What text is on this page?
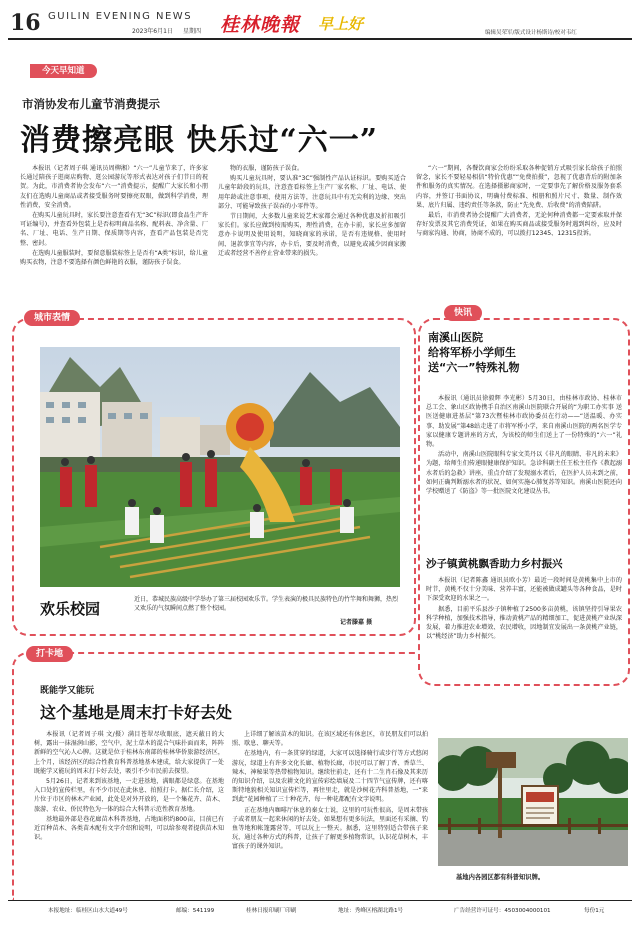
16 GUILIN EVENING NEWS
2023年6月1日 星期四 桂林晚報 早上好	编辑吴荣军/版式设计杨斯诗/校对韦红
今天早知道
市消协发布儿童节消费提示
消费擦亮眼 快乐过“六一”

本报讯（记者周子琪 通讯员周柳湘）“六一”儿童节来了，许多家长通过陪孩子逛商店购物、逛公园游玩等形式表达对孩子们节日的祝贺。为此，市消费者协会发布“六一”消费提示，提醒广大家长和小朋友们在选购儿童商品或者接受服务时要擦亮双眼，做到科学消费，理性消费，安全消费。

在购买儿童玩具时，家长要注意查看有无“3C”标识(即食品生产许可证编号)，并查看外包装上是否标明商品名称、配料表、净含量、厂名、厂址、电话、生产日期、保质期等内容，查看产品包装是否完整、密封。

在选购儿童服装时，要留意服装标签上是否有“A类”标识，给儿童购买衣物，注意不要选择有颜色鲜艳的衣服，谨防孩子误食。

物的衣服，谨防孩子误食。

购买儿童玩具时，要认准“3C”强制性产品认证标识。要购买适合儿童年龄段的玩具，注意查看标签上生产厂家名称、厂址、电话、使用年龄或注意事项、使用方法等，注意玩具中有无尖利的边缘、突出部分、可能导致孩子误吞的小零件等。

节日期间，大多数儿童来说艺术家都会通过各种优惠及折扣吸引家长们。家长应做到按需购买，理性消费，在办卡前，家长应多加留意办卡说明及使用说明，知晓商家的承诺，是否有违规格、使用时间、退款事宜等内容，办卡后，要及时消费，以避免或减少因商家搬迁或者经营不善停止营业带来的损失。

“六一”期间，各餐饮商家会纷纷采取各种促销方式吸引家长给孩子拍照留念，家长不要轻易相信“特价优惠”“免费拍摄”，忽视了优惠背后的附加条件和服务的真实情况。在选择摄影商家时，一定要事先了解价格及服务套系内容，并签订书面协议，明确付费标准、相册和照片尺寸、数量、制作效果、底片归属、违约责任等条款，防止“先免费、后收费”的消费陷阱。

最后，市消费者协会提醒广大消费者，无论何种消费都一定要索取并保存好发票及其它消费凭证，如果在购买商品或接受服务时遇到纠纷，应及时与商家沟通、协商，协商不成的，可以拨打12345、12315投诉。

城市表情
欢乐校园
近日，恭城民族高级中学举办了第三届校园欢乐节。学生表演的极具民族特色的竹竿舞和舞狮，热烈又欢乐的气氛瞬间点燃了整个校园。
记者滕嘉 摄
快讯
南溪山医院
给将军桥小学师生
送“六一”特殊礼物

本报讯（通讯员徐毅辉 李光彬）5月30日，由桂林市政协、桂林市总工会、象山区政协携手自治区南溪山医院联合开展的“为职工办实事 送医送健康进基层”第73次暨桂林市政协委员在行动——“送温暖、办实事、助发展”第48站走进了市将军桥小学，来自南溪山医院的两名医学专家以健康专题讲座的方式，为该校的师生们送上了一份特殊的“六一”礼物。

活动中，南溪山医院眼科专家文美丹以《非凡的眼睛、非凡的未来》为题，给师生们传递眼健康保护知识。急诊科副主任王松主任作《教起溺水者后的急救》讲座，重点介绍了发现溺水者后，在医护人员未到之前，如何正确判断溺水者的状况、如何实施心肺复苏等知识。南溪山医院还向学校赠送了《防盗》等一批医院文化建设丛书。

沙子镇黄桃飘香助力乡村振兴

本报讯（记者陈鑫 通讯员欧小芳）最近一段时间是黄桃集中上市的时节，黄桃不仅十分美味、营养丰富，还能被做成罐头等各种食品，是时下深受欢迎的水果之一。

据悉，目前平乐县沙子镇种植了2500多亩黄桃，该镇坚持引导果农科学种植，加强技术指导，推动黄桃产品的精细加工，促进黄桃产业纵深发展，着力推进农业增效、农民增收，因地制宜发展出一条黄桃产业链，以“桃经济”助力乡村振兴。

打卡地
既能学又能玩
这个基地是周末打卡好去处

本报讯（记者周子琪 文/摄）满目苍翠尽收眼底，遮天蔽日的大树，露出一抹湿润山影，空气中，泥土草木的混合气味扑面而来，阵阵新鲜的空气沁人心脾。这就是位于桂林东南部的桂林华侨旅游经济区，上个月，该经济区的综合性教育科普基地基本建成，给大家提供了一处既能学又能玩的周末打卡好去处，吸引不少市民前去探望。

5月26日，记者来到该基地，一走进基地，满眼都是绿意。在基地入口处的宣传栏里，有不少市民在此休息、拍照打卡。据仁长介绍，这片位于市区的林木产业园，此处是对外开放的，是一个集花卉、苗木、旅游、农业、侨民特色为一体的综合大科普示范性教育基地。

基地最外部是巷花廊苗木科普基地，占地面积约800亩，目前已有近百种苗木、各类苗木配有文字介绍和说明，可以给参观者提供苗木知识。

上详细了解该苗木的知识。在该区域还有休息区，市民朋友们可以拍照、歇息、聊天等。

在基地内，有一条贯穿的绿道，大家可以选择骑行或步行等方式悠闲游玩，绿道上有许多文化长廊、植物长廊，市民可以了解丁香、香草兰、辣木、神秘果等热带植物知识。继续往前走，还有十二生肖石像及其来历的知识介绍，以及农耕文化的宣传彩绘墙展及二十四节气宣传牌，还有喀斯特地貌相关知识宣传栏等，再往里走，就是沙树花卉科普基地，一“来到此”花园种植了三十种花卉，每一种花都配有文字说明。

正在基地内咖啡厅休息的秦女士说，这里的可玩性很高，是周末带孩子或者朋友一起来休闲的好去处。如果想有更多玩法，里面还有采摘、钓鱼等地和帐篷露营等，可以玩上一整天。据悉，这里特别适合带孩子来玩，通过各种方式的科普，让孩子了解更多植物常识，认识花草树木，丰富孩子的课外知识。

基地内各园区都有科普知识牌。
本报地址：临桂区山水大道49号	邮编：541199	桂林日报印刷厂印刷	地址：秀峰区榕湖北路1号	广告经营许可证号：4503004000101	每份1元
